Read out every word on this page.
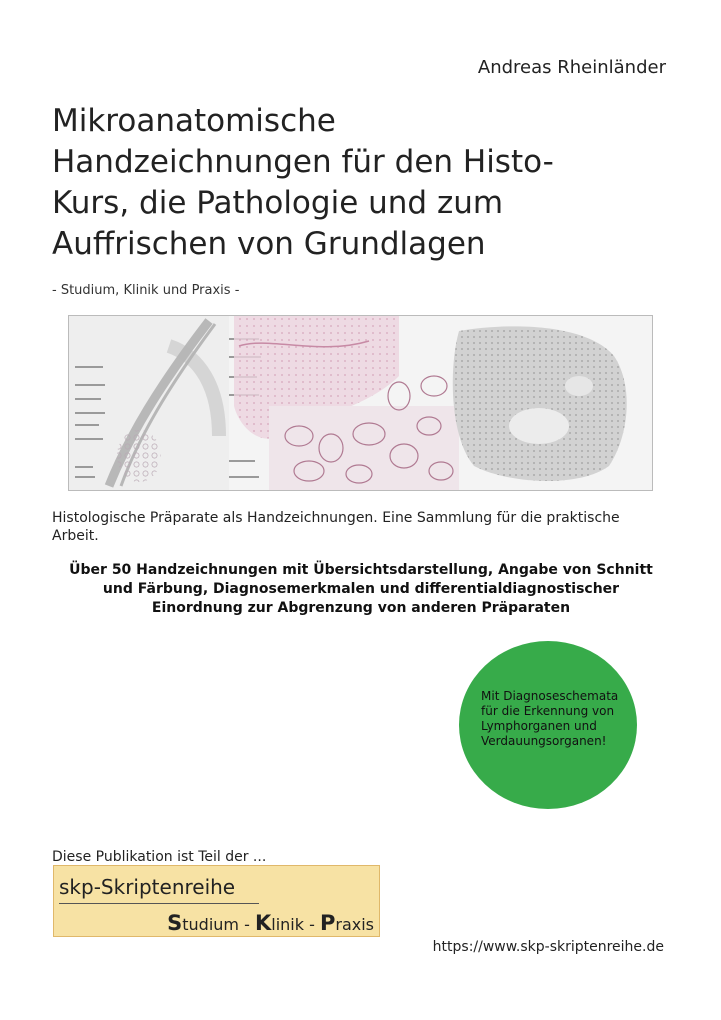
Andreas Rheinländer
Mikroanatomische
Handzeichnungen für den Histo-
Kurs, die Pathologie und zum
Auffrischen von Grundlagen
- Studium, Klinik und Praxis -
Histologische Präparate als Handzeichnungen. Eine Sammlung für die praktische Arbeit.
Über 50 Handzeichnungen mit Übersichtsdarstellung, Angabe von Schnitt
und Färbung, Diagnosemerkmalen und differentialdiagnostischer
Einordnung zur Abgrenzung von anderen Präparaten
Mit Diagnoseschemata
für die Erkennung von
Lymphorganen und
Verdauungsorganen!
Diese Publikation ist Teil der ...
skp-Skriptenreihe
Studium - Klinik - Praxis
https://www.skp-skriptenreihe.de
